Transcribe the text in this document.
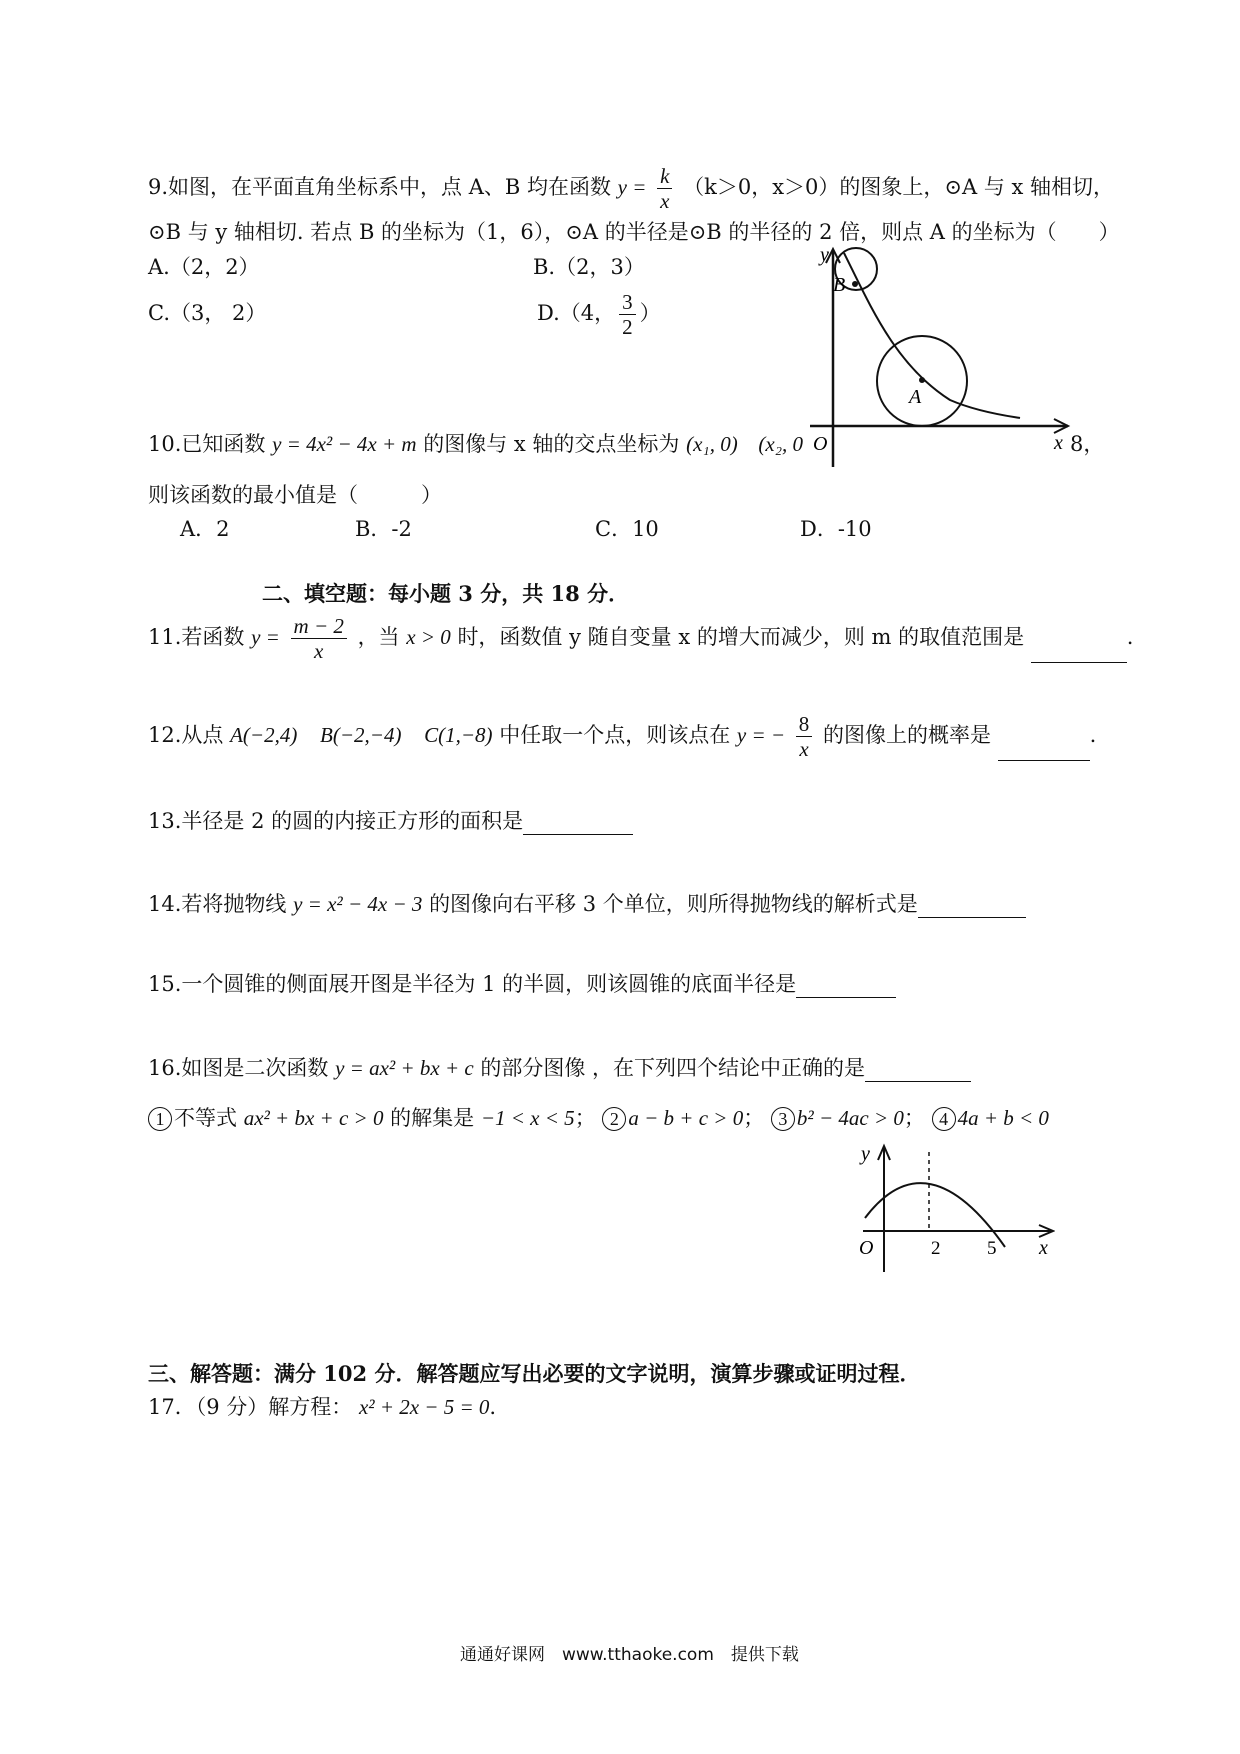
9.如图，在平面直角坐标系中，点 A、B 均在函数 $y = \frac{k}{x} (k>0$，x＞0）的图象上，⊙A 与 x 轴相切，
⊙B 与 y 轴相切. 若点 B 的坐标为（1，6），⊙A 的半径是⊙B 的半径的 2 倍，则点 A 的坐标为（　　）
A.（2，2）	B.（2，3）
C.（3， 2）	D.（4， $\frac{3}{2}$ ）
y
B
A
O	x
10.已知函数 y = 4x² − 4x + m 的图像与 x 轴的交点坐标为 (x₁, 0) (x₂, 0	8，
则该函数的最小值是（　　　）
A．2	B．-2	C．10	D．-10
二、填空题：每小题 3 分，共 18 分．
11.若函数 $y = \frac{m - 2}{x}$ ，当 x > 0 时，函数值 y 随自变量 x 的增大而减少，则 m 的取值范围是	.
12.从点 A(−2,4) B(−2,−4) C(1,−8) 中任取一个点，则该点在 y = − $\frac{8}{x}$ 的图像上的概率是	.
13.半径是 2 的圆的内接正方形的面积是
14.若将抛物线 y = x² − 4x − 3 的图像向右平移 3 个单位，则所得抛物线的解析式是
15.一个圆锥的侧面展开图是半径为 1 的半圆，则该圆锥的底面半径是
16.如图是二次函数 y = ax² + bx + c 的部分图像 ，在下列四个结论中正确的是
1 不等式 ax² + bx + c > 0 的解集是 −1 < x < 5； 2 a − b + c > 0； 3 b² − 4ac > 0； 4 4a + b < 0
y
O	2 5 x
三、解答题：满分 102 分．解答题应写出必要的文字说明，演算步骤或证明过程．
17．（9 分）解方程： x² + 2x − 5 = 0.
通通好课网　www.tthaoke.com　提供下载
